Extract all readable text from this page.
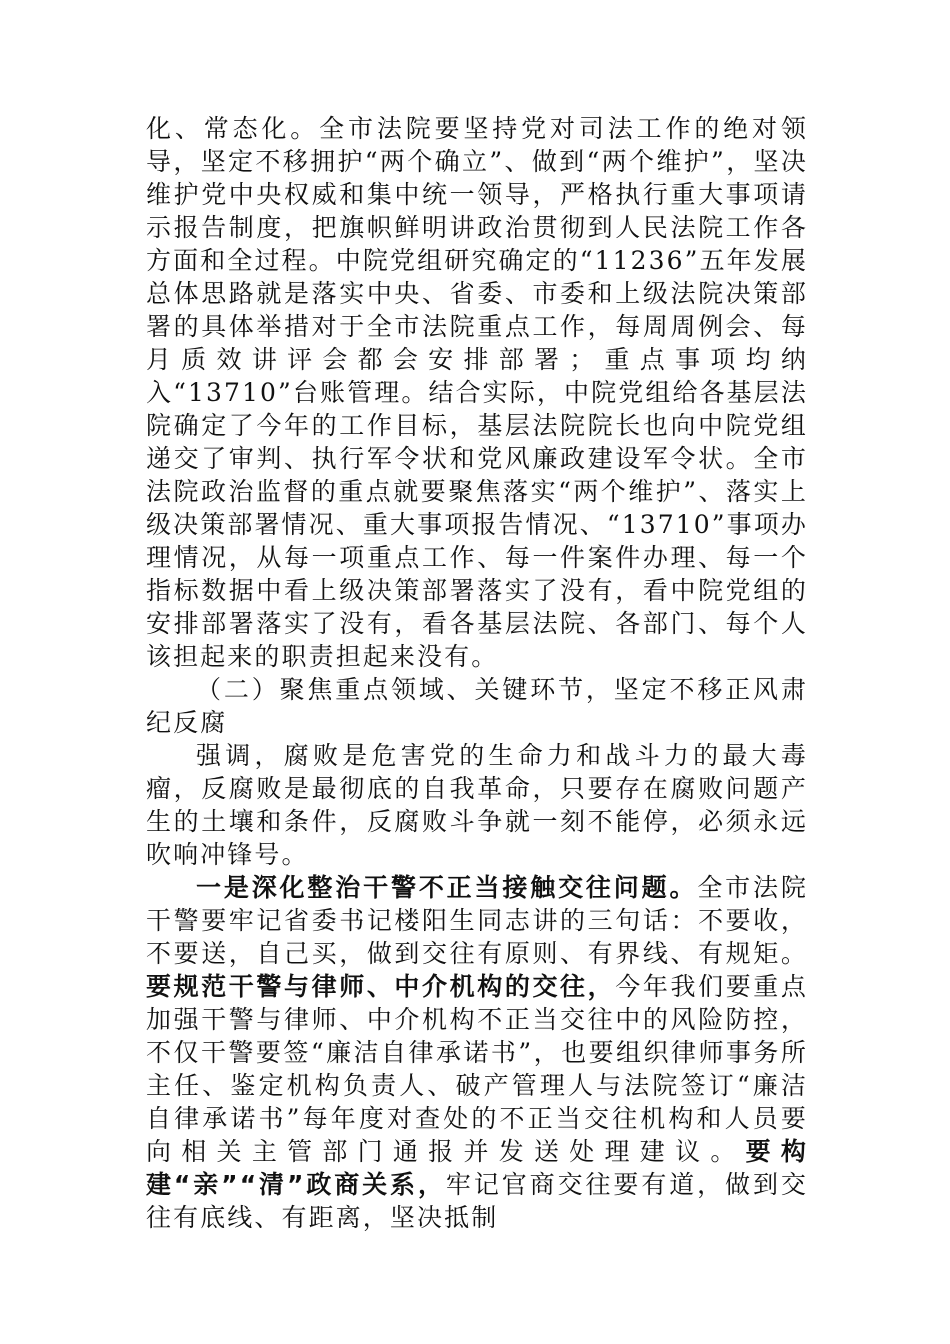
化、常态化。全市法院要坚持党对司法工作的绝对领导，坚定不移拥护“两个确立”、做到“两个维护”，坚决维护党中央权威和集中统一领导，严格执行重大事项请示报告制度，把旗帜鲜明讲政治贯彻到人民法院工作各方面和全过程。中院党组研究确定的“11236”五年发展总体思路就是落实中央、省委、市委和上级法院决策部署的具体举措对于全市法院重点工作，每周周例会、每月质效讲评会都会安排部署；重点事项均纳入“13710”台账管理。结合实际，中院党组给各基层法院确定了今年的工作目标，基层法院院长也向中院党组递交了审判、执行军令状和党风廉政建设军令状。全市法院政治监督的重点就要聚焦落实“两个维护”、落实上级决策部署情况、重大事项报告情况、“13710”事项办理情况，从每一项重点工作、每一件案件办理、每一个指标数据中看上级决策部署落实了没有，看中院党组的安排部署落实了没有，看各基层法院、各部门、每个人该担起来的职责担起来没有。

（二）聚焦重点领域、关键环节，坚定不移正风肃纪反腐

强调，腐败是危害党的生命力和战斗力的最大毒瘤，反腐败是最彻底的自我革命，只要存在腐败问题产生的土壤和条件，反腐败斗争就一刻不能停，必须永远吹响冲锋号。

一是深化整治干警不正当接触交往问题。全市法院干警要牢记省委书记楼阳生同志讲的三句话：不要收，不要送，自己买，做到交往有原则、有界线、有规矩。要规范干警与律师、中介机构的交往，今年我们要重点加强干警与律师、中介机构不正当交往中的风险防控，不仅干警要签“廉洁自律承诺书”，也要组织律师事务所主任、鉴定机构负责人、破产管理人与法院签订“廉洁自律承诺书”每年度对查处的不正当交往机构和人员要向相关主管部门通报并发送处理建议。要构建“亲”“清”政商关系，牢记官商交往要有道，做到交往有底线、有距离，坚决抵制
